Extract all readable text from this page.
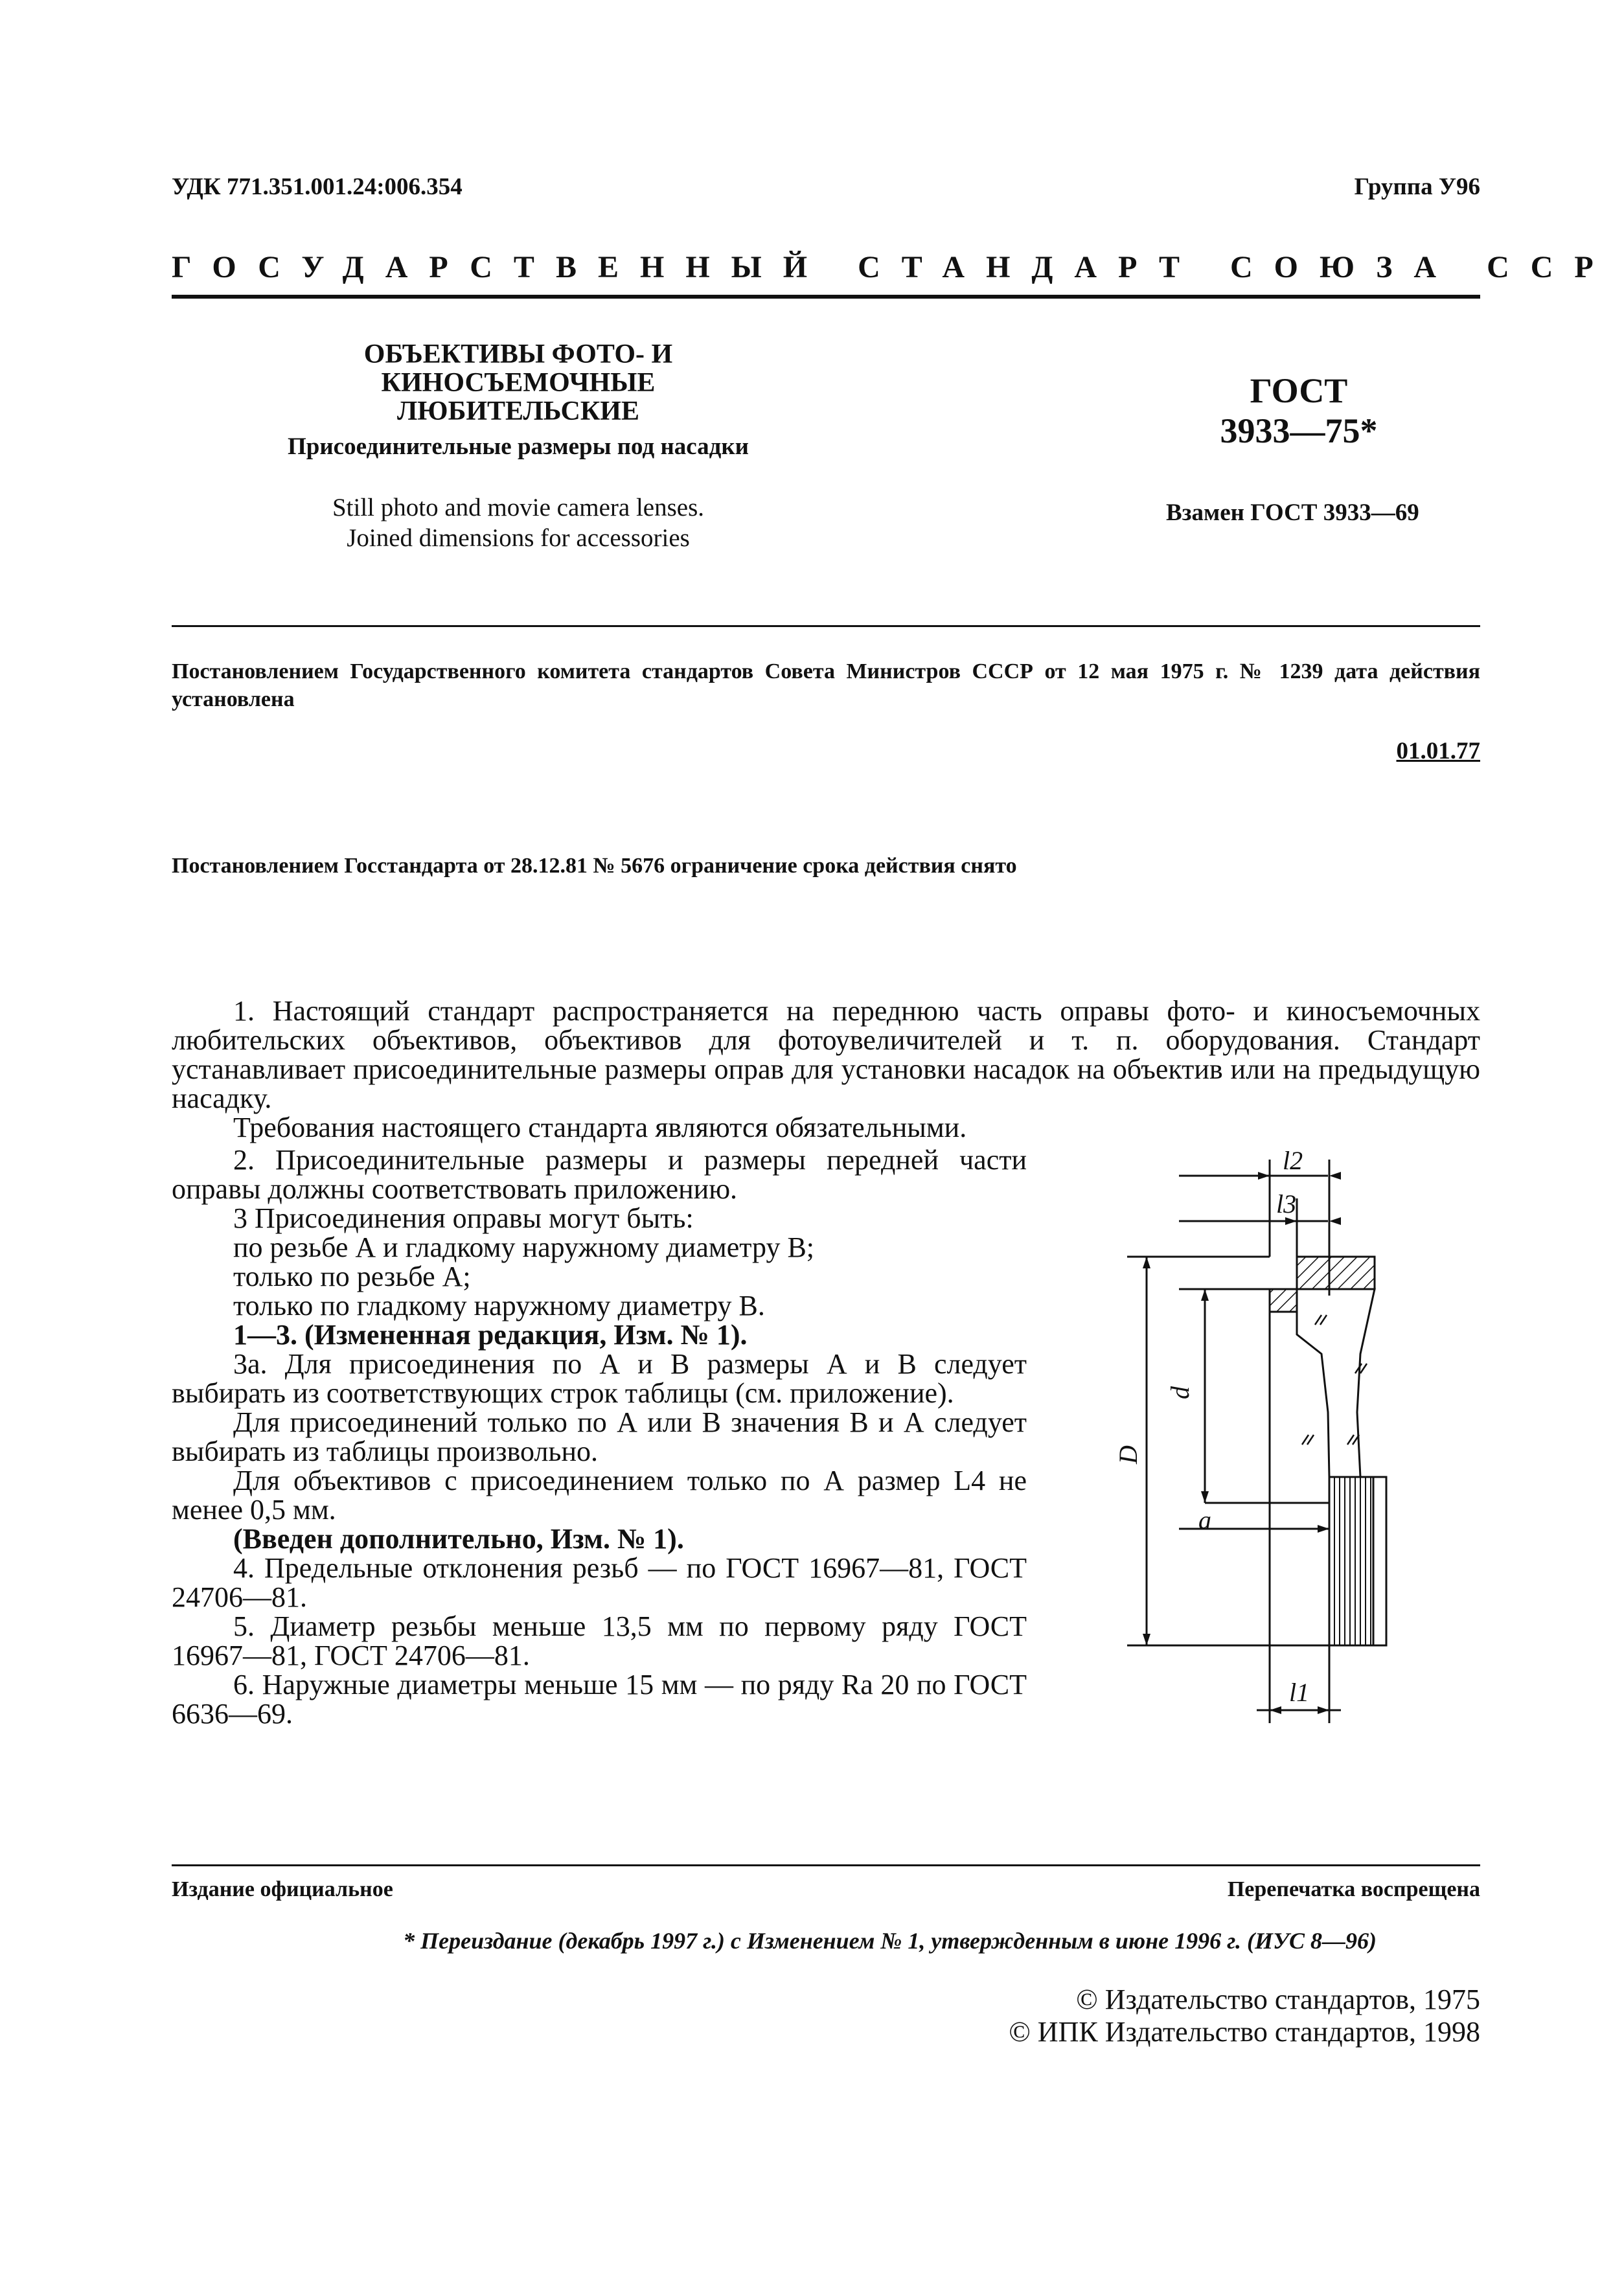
УДК 771.351.001.24:006.354	Группа У96
ГОСУДАРСТВЕННЫЙ СТАНДАРТ СОЮЗА ССР
ОБЪЕКТИВЫ ФОТО- И КИНОСЪЕМОЧНЫЕ
ЛЮБИТЕЛЬСКИЕ
Присоединительные размеры под насадки
Still photo and movie camera lenses.
Joined dimensions for accessories
ГОСТ
3933—75*
Взамен ГОСТ 3933—69
Постановлением Государственного комитета стандартов Совета Министров СССР от 12 мая 1975 г. № 1239 дата действия установлена
01.01.77
Постановлением Госстандарта от 28.12.81 № 5676 ограничение срока действия снято

1. Настоящий стандарт распространяется на переднюю часть оправы фото- и киносъемочных любительских объективов, объективов для фотоувеличителей и т. п. оборудования. Стандарт устанавливает присоединительные размеры оправ для установки насадок на объектив или на предыдущую насадку.

Требования настоящего стандарта являются обязательными.

2. Присоединительные размеры и размеры передней части оправы должны соответствовать приложению.

3 Присоединения оправы могут быть:

по резьбе А и гладкому наружному диаметру В;

только по резьбе А;

только по гладкому наружному диаметру В.

1—3. (Измененная редакция, Изм. № 1).

3а. Для присоединения по А и В размеры А и В следует выбирать из соответствующих строк таблицы (см. приложение).

Для присоединений только по А или В значения В и А следует выбирать из таблицы произвольно.

Для объективов с присоединением только по А размер L4 не менее 0,5 мм.

(Введен дополнительно, Изм. № 1).

4. Предельные отклонения резьб — по ГОСТ 16967—81, ГОСТ 24706—81.

5. Диаметр резьбы меньше 13,5 мм по первому ряду ГОСТ 16967—81, ГОСТ 24706—81.

6. Наружные диаметры меньше 15 мм — по ряду Ra 20 по ГОСТ 6636—69.

l2
l3
l1
a
d
D
Издание официальное	Перепечатка воспрещена
* Переиздание (декабрь 1997 г.) с Изменением № 1, утвержденным в июне 1996 г. (ИУС 8—96)
© Издательство стандартов, 1975
© ИПК Издательство стандартов, 1998
